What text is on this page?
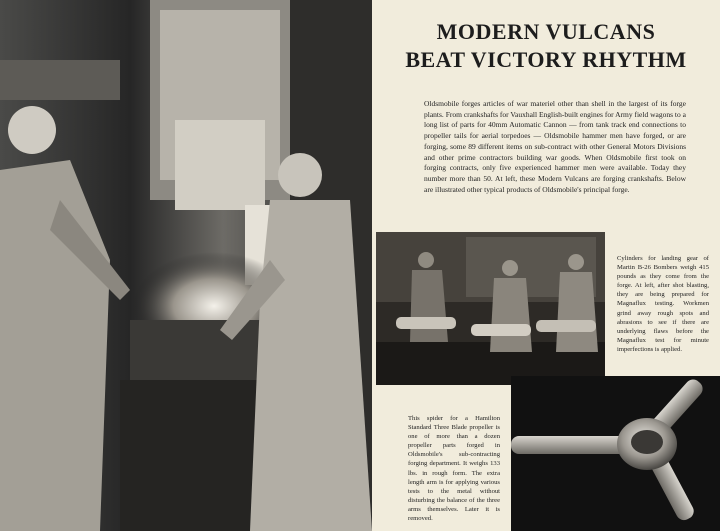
MODERN VULCANS
BEAT VICTORY RHYTHM
Oldsmobile forges articles of war materiel other than shell in the largest of its forge plants. From crankshafts for Vauxhall English-built engines for Army field wagons to a long list of parts for 40mm Automatic Cannon — from tank track end connections to propeller tails for aerial torpedoes — Oldsmobile hammer men have forged, or are forging, some 89 different items on sub-contract with other General Motors Divisions and other prime contractors building war goods. When Oldsmobile first took on forging contracts, only five experienced hammer men were available. Today they number more than 50. At left, these Modern Vulcans are forging crankshafts. Below are illustrated other typical products of Oldsmobile's principal forge.
Cylinders for landing gear of Martin B-26 Bombers weigh 415 pounds as they come from the forge. At left, after shot blasting, they are being prepared for Magnaflux testing. Workmen grind away rough spots and abrasions to see if there are underlying flaws before the Magnaflux test for minute imperfections is applied.
This spider for a Hamilton Standard Three Blade propeller is one of more than a dozen propeller parts forged in Oldsmobile's sub-contracting forging department. It weighs 133 lbs. in rough form. The extra length arm is for applying various tests to the metal without disturbing the balance of the three arms themselves. Later it is removed.
